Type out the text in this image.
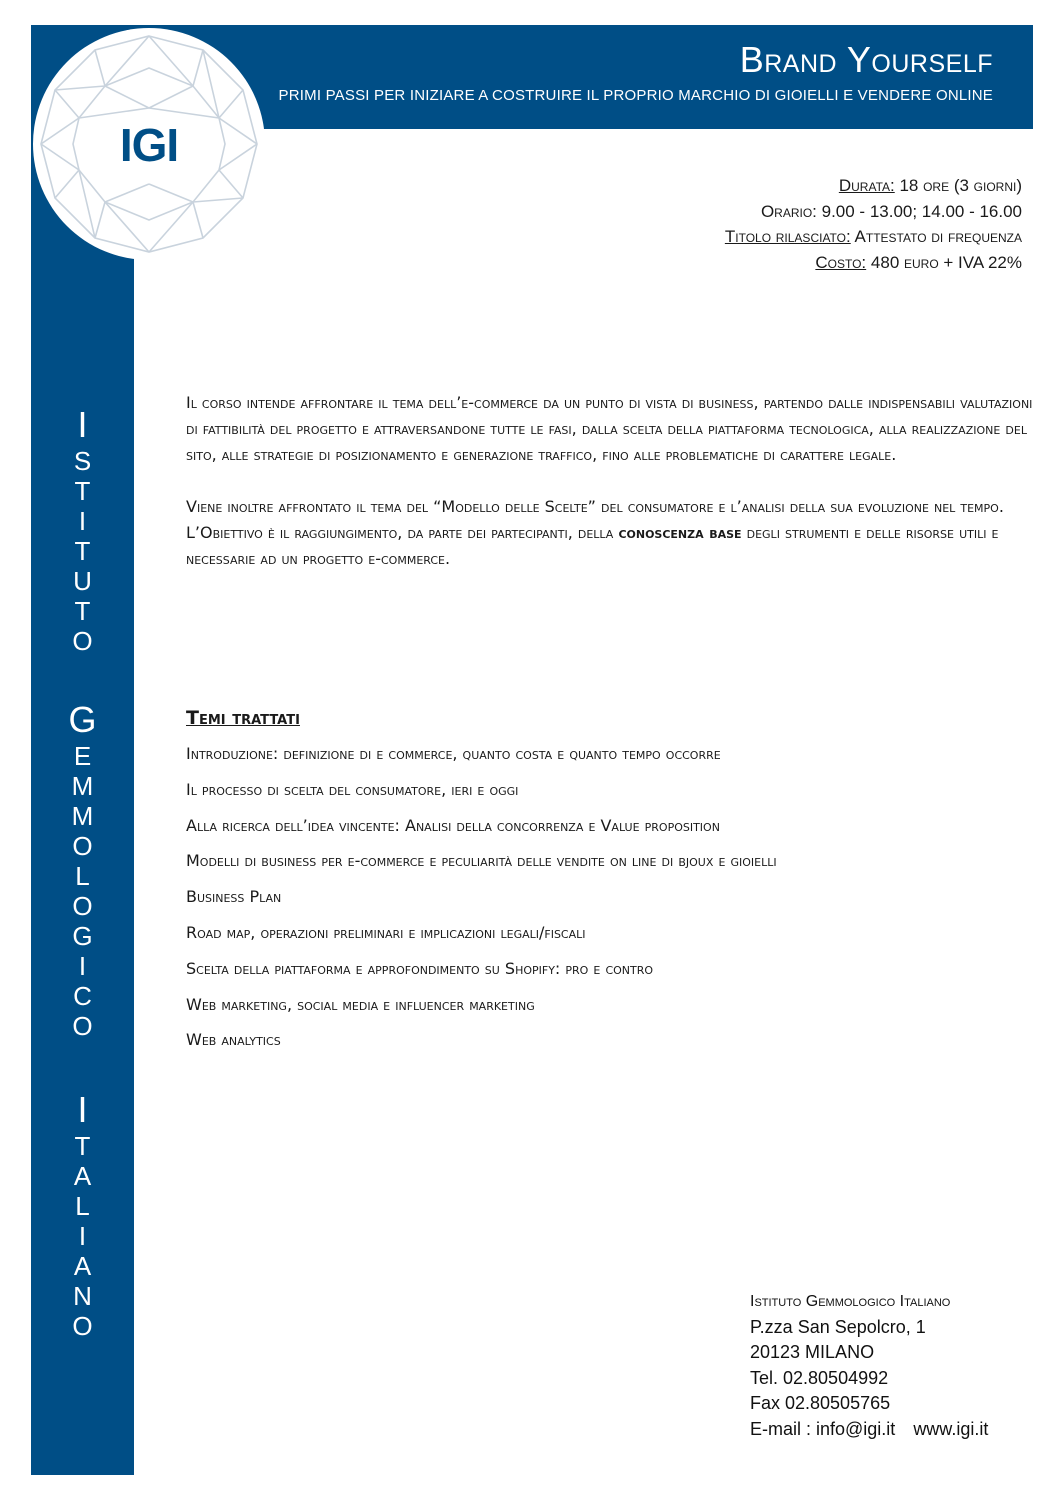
Brand Yourself
PRIMI PASSI PER INIZIARE A COSTRUIRE IL PROPRIO MARCHIO DI GIOIELLI E VENDERE ONLINE
IGI
I
S
T
I
T
U
T
O
G
E
M
M
O
L
O
G
I
C
O
I
T
A
L
I
A
N
O
Durata: 18 ore (3 giorni)
Orario: 9.00 - 13.00; 14.00 - 16.00
Titolo rilasciato: Attestato di frequenza
Costo: 480 euro + IVA 22%

Il corso intende affrontare il tema dell’e-commerce da un punto di vista di business, partendo dalle indispensabili valutazioni di fattibilità del progetto e attraversandone tutte le fasi, dalla scelta della piattaforma tecnologica, alla realizzazione del sito, alle strategie di posizionamento e generazione traffico, fino alle problematiche di carattere legale.

Viene inoltre affrontato il tema del “Modello delle Scelte” del consumatore e l’analisi della sua evoluzione nel tempo.

L’Obiettivo è il raggiungimento, da parte dei partecipanti, della conoscenza base degli strumenti e delle risorse utili e necessarie ad un progetto e-commerce.

Temi trattati
Introduzione: definizione di e commerce, quanto costa e quanto tempo occorre
Il processo di scelta del consumatore, ieri e oggi
Alla ricerca dell’idea vincente: Analisi della concorrenza e Value proposition
Modelli di business per e-commerce e peculiarità delle vendite on line di bjoux e gioielli
Business Plan
Road map, operazioni preliminari e implicazioni legali/fiscali
Scelta della piattaforma e approfondimento su Shopify: pro e contro
Web marketing, social media e influencer marketing
Web analytics
Istituto Gemmologico Italiano
P.zza San Sepolcro, 1
20123 MILANO
Tel. 02.80504992
Fax 02.80505765
E-mail : info@igi.it www.igi.it
